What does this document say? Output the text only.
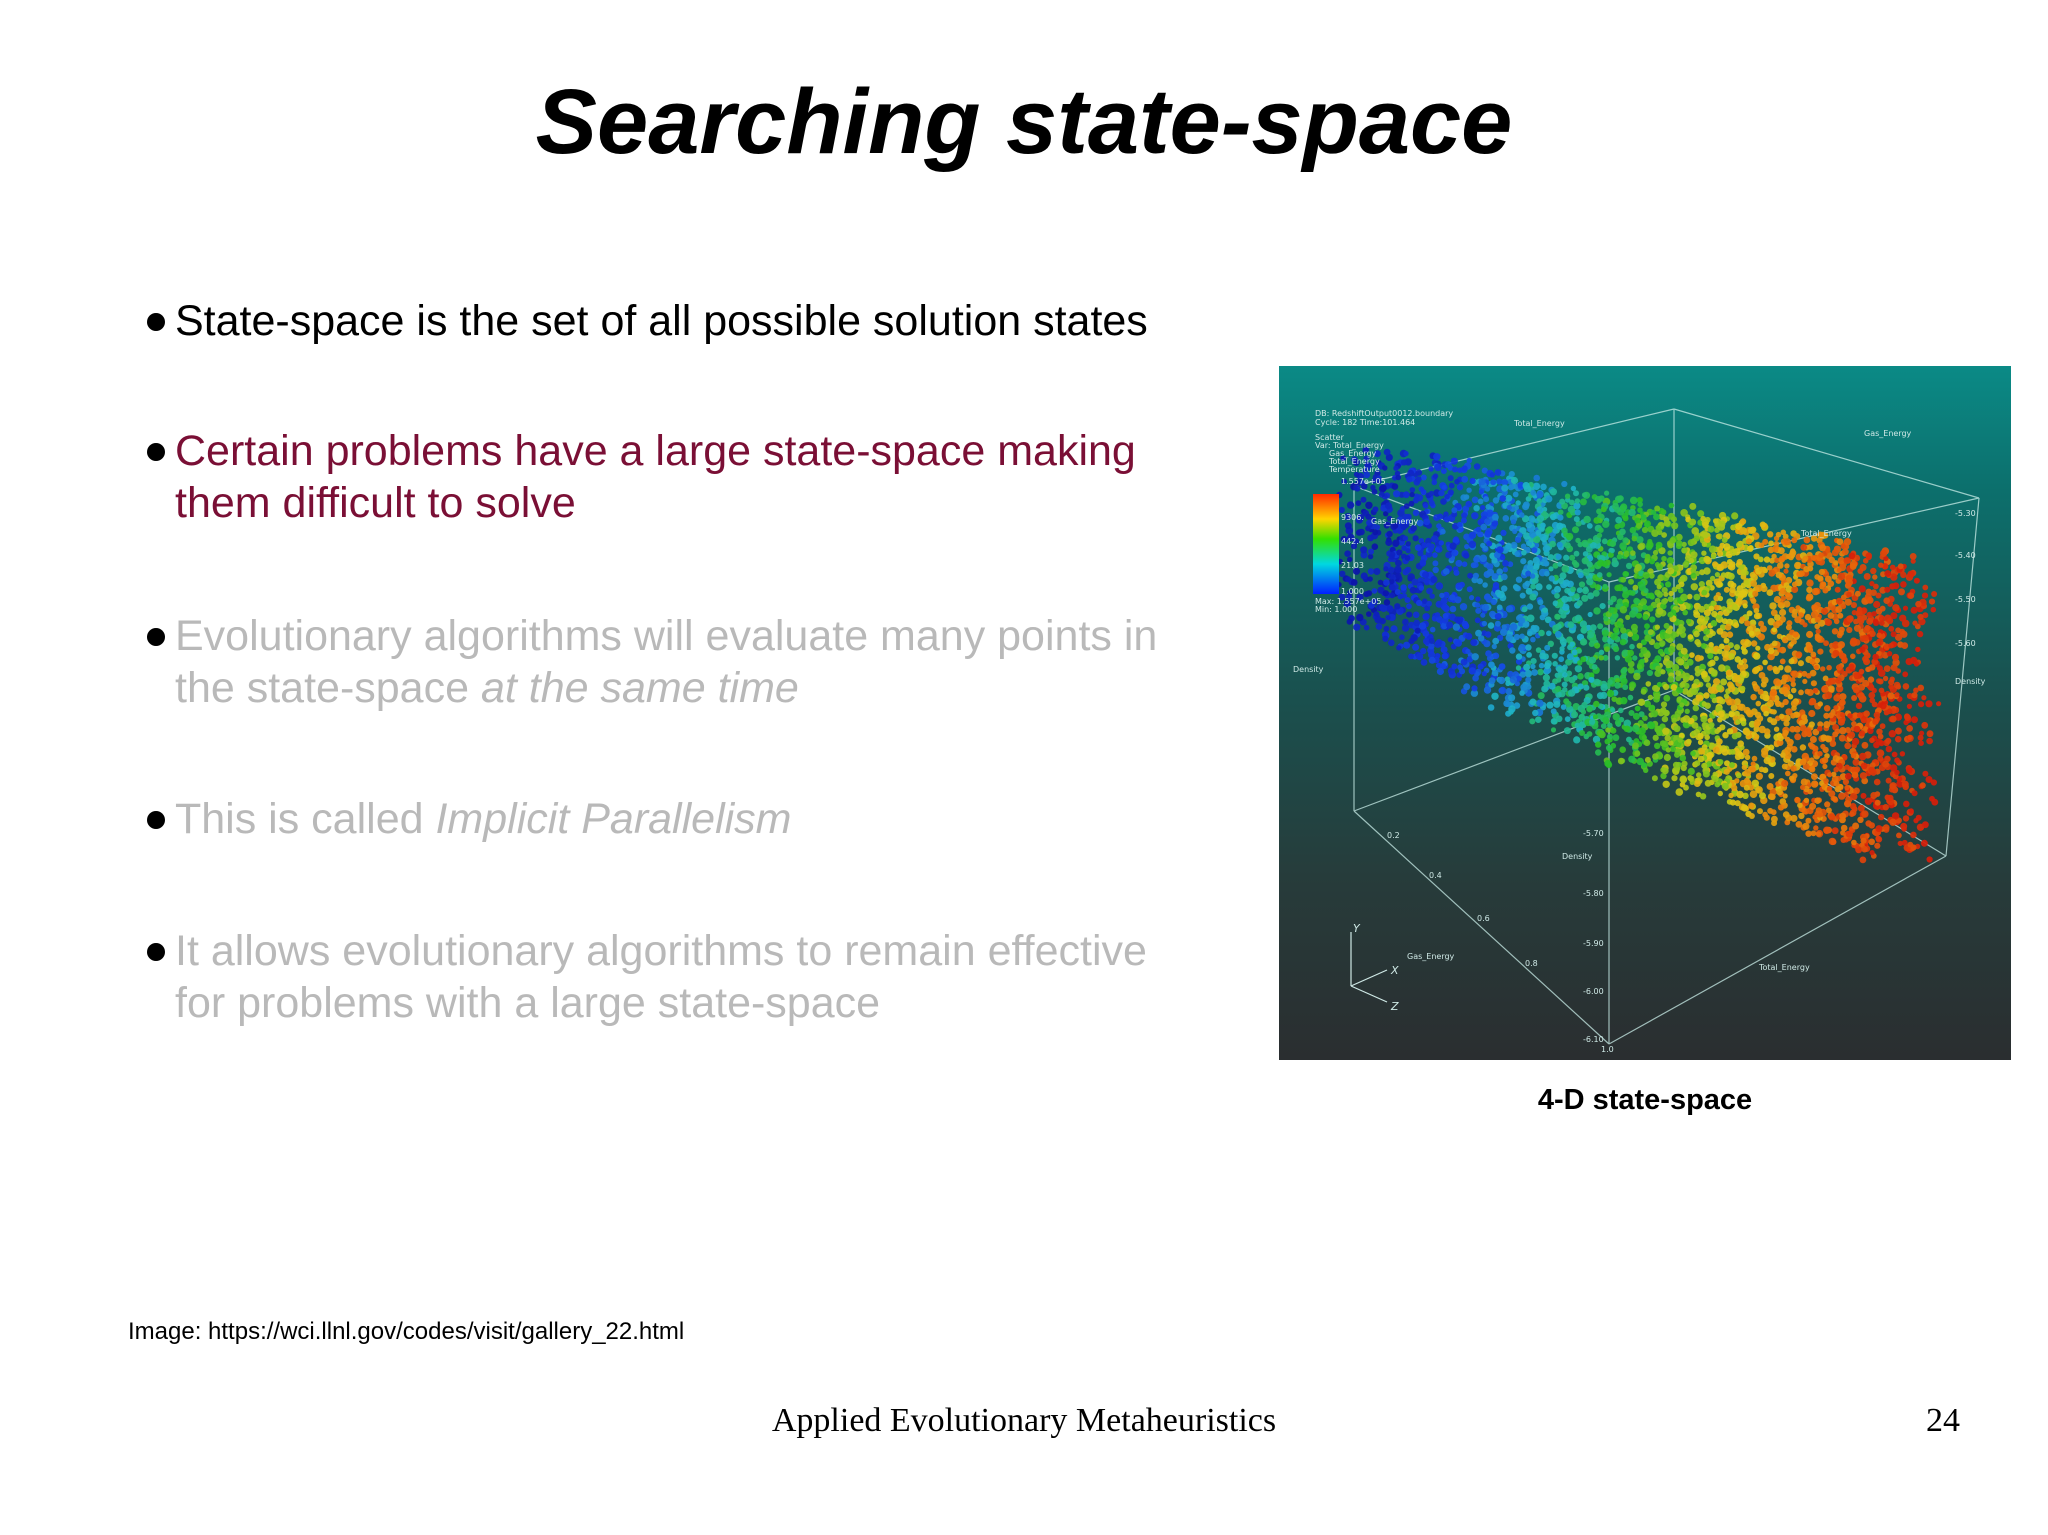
Searching state-space
State-space is the set of all possible solution states
Certain problems have a large state-space making
them difficult to solve
Evolutionary algorithms will evaluate many points in
the state-space at the same time
This is called Implicit Parallelism
It allows evolutionary algorithms to remain effective
for problems with a large state-space
DB: RedshiftOutput0012.boundary
Cycle: 182 Time:101.464
Scatter
Var: Total_Energy
Gas_Energy
Total_Energy
Temperature
1.557e+05
9306.
442.4
21.03
1.000
Max: 1.557e+05
Min: 1.000
Total_Energy
Gas_Energy
Gas_Energy
Total_Energy
Density
Density
Density
Gas_Energy
Total_Energy
-5.30
-5.40
-5.50
-5.60
-5.70
-5.80
-5.90
-6.00
-6.10
0.2
0.4
0.6
0.8
1.0
Y
X
Z
4-D state-space
Image: https://wci.llnl.gov/codes/visit/gallery_22.html
Applied Evolutionary Metaheuristics	24
